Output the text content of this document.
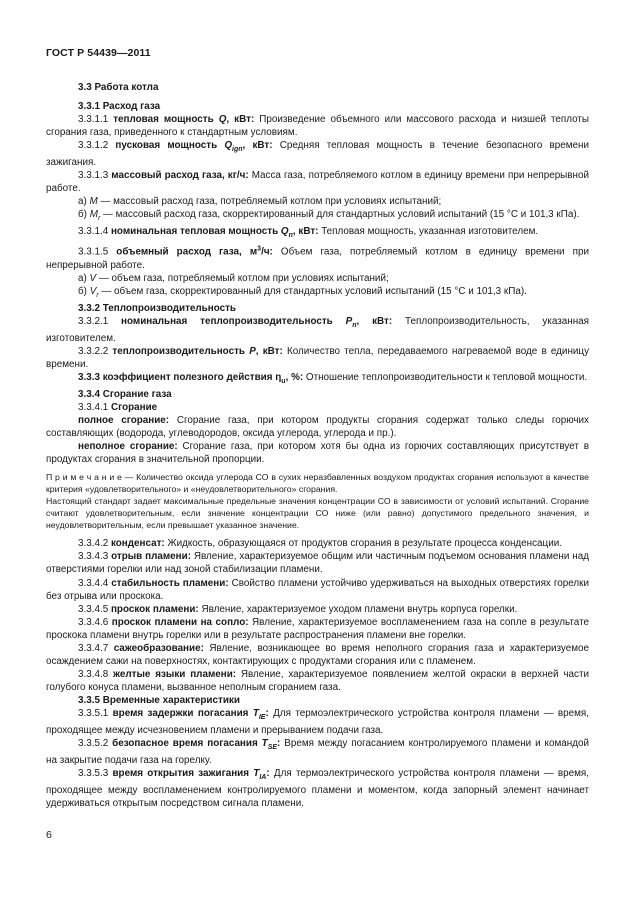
ГОСТ Р 54439—2011

3.3 Работа котла

3.3.1 Расход газа

3.3.1.1 тепловая мощность Q, кВт: Произведение объемного или массового расхода и низшей теплоты сгорания газа, приведенного к стандартным условиям.

3.3.1.2 пусковая мощность $Q_{ign}$, кВт: Средняя тепловая мощность в течение безопасного времени зажигания.

3.3.1.3 массовый расход газа, кг/ч: Масса газа, потребляемого котлом в единицу времени при непрерывной работе.

а) М — массовый расход газа, потребляемый котлом при условиях испытаний;

б) $М_r$ — массовый расход газа, скорректированный для стандартных условий испытаний (15 °С и 101,3 кПа).

3.3.1.4 номинальная тепловая мощность $Q_n$, кВт: Тепловая мощность, указанная изготовителем.

3.3.1.5 объемный расход газа, $м^3/ч$: Объем газа, потребляемый котлом в единицу времени при непрерывной работе.

а) V — объем газа, потребляемый котлом при условиях испытаний;

б) $V_r$ — объем газа, скорректированный для стандартных условий испытаний (15 °С и 101,3 кПа).

3.3.2 Теплопроизводительность

3.3.2.1 номинальная теплопроизводительность $P_n$, кВт: Теплопроизводительность, указанная изготовителем.

3.3.2.2 теплопроизводительность P, кВт: Количество тепла, передаваемого нагреваемой воде в единицу времени.

3.3.3 коэффициент полезного действия $\eta_u$, %: Отношение теплопроизводительности к тепловой мощности.

3.3.4 Сгорание газа

3.3.4.1 Сгорание

полное сгорание: Сгорание газа, при котором продукты сгорания содержат только следы горючих составляющих (водорода, углеводородов, оксида углерода, углерода и пр.).

неполное сгорание: Сгорание газа, при котором хотя бы одна из горючих составляющих присутствует в продуктах сгорания в значительной пропорции.

П р и м е ч а н и е — Количество оксида углерода СО в сухих неразбавленных воздухом продуктах сгорания используют в качестве критерия «удовлетворительного» и «неудовлетворительного» сгорания.

Настоящий стандарт задает максимальные предельные значения концентрации СО в зависимости от условий испытаний. Сгорание считают удовлетворительным, если значение концентрации СО ниже (или равно) допустимого предельного значения, и неудовлетворительным, если превышает указанное значение.

3.3.4.2 конденсат: Жидкость, образующаяся от продуктов сгорания в результате процесса конденсации.

3.3.4.3 отрыв пламени: Явление, характеризуемое общим или частичным подъемом основания пламени над отверстиями горелки или над зоной стабилизации пламени.

3.3.4.4 стабильность пламени: Свойство пламени устойчиво удерживаться на выходных отверстиях горелки без отрыва или проскока.

3.3.4.5 проскок пламени: Явление, характеризуемое уходом пламени внутрь корпуса горелки.

3.3.4.6 проскок пламени на сопло: Явление, характеризуемое воспламенением газа на сопле в результате проскока пламени внутрь горелки или в результате распространения пламени вне горелки.

3.3.4.7 сажеобразование: Явление, возникающее во время неполного сгорания газа и характеризуемое осаждением сажи на поверхностях, контактирующих с продуктами сгорания или с пламенем.

3.3.4.8 желтые языки пламени: Явление, характеризуемое появлением желтой окраски в верхней части голубого конуса пламени, вызванное неполным сгоранием газа.

3.3.5 Временные характеристики

3.3.5.1 время задержки погасания $T_{IE}$: Для термоэлектрического устройства контроля пламени — время, проходящее между исчезновением пламени и прерыванием подачи газа.

3.3.5.2 безопасное время погасания $T_{SE}$: Время между погасанием контролируемого пламени и командой на закрытие подачи газа на горелку.

3.3.5.3 время открытия зажигания $T_{IA}$: Для термоэлектрического устройства контроля пламени — время, проходящее между воспламенением контролируемого пламени и моментом, когда запорный элемент начинает удерживаться открытым посредством сигнала пламени.

6
